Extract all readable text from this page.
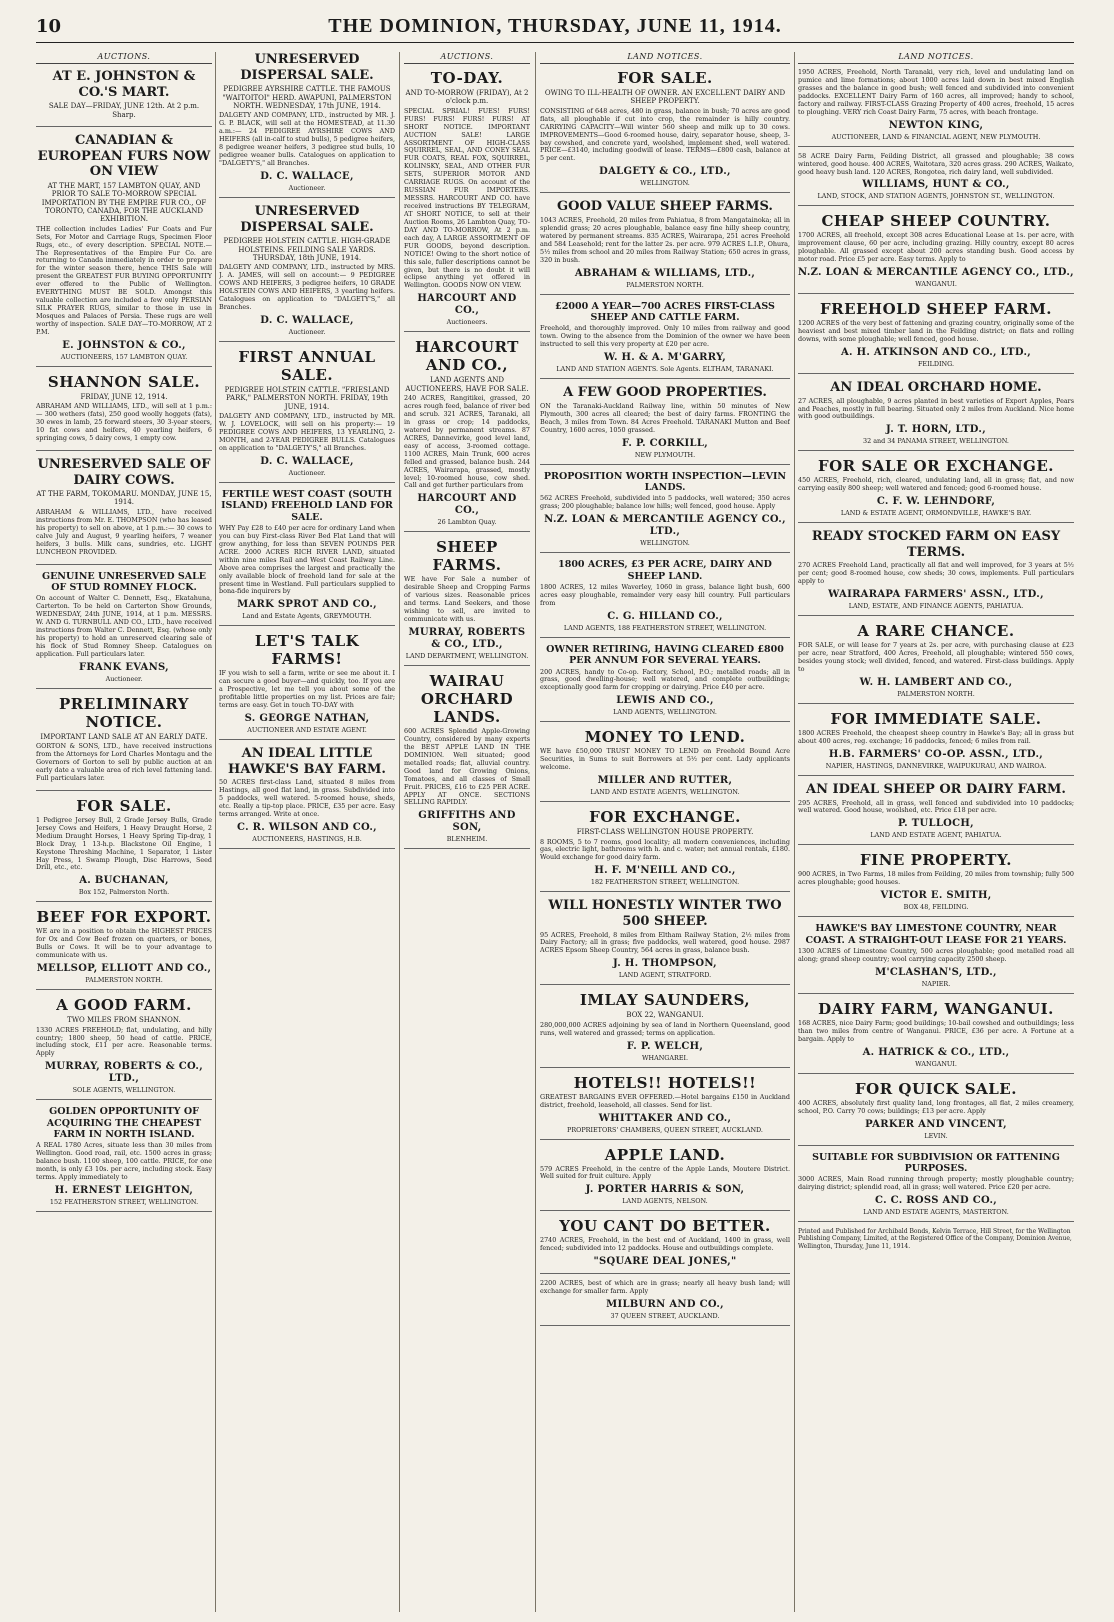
10	THE DOMINION, THURSDAY, JUNE 11, 1914.
AUCTIONS.
AT E. JOHNSTON & CO.'S MART.
SALE DAY—FRIDAY, JUNE 12th. At 2 p.m. Sharp.
CANADIAN & EUROPEAN FURS NOW ON VIEW
AT THE MART, 157 LAMBTON QUAY, AND PRIOR TO SALE TO-MORROW SPECIAL IMPORTATION BY THE EMPIRE FUR CO., OF TORONTO, CANADA, FOR THE AUCKLAND EXHIBITION.

THE collection includes Ladies' Fur Coats and Fur Sets, For Motor and Carriage Rugs, Specimen Floor Rugs, etc., of every description. SPECIAL NOTE.—The Representatives of the Empire Fur Co. are returning to Canada immediately in order to prepare for the winter season there, hence THIS Sale will present the GREATEST FUR BUYING OPPORTUNITY ever offered to the Public of Wellington. EVERYTHING MUST BE SOLD. Amongst this valuable collection are included a few only PERSIAN SILK PRAYER RUGS, similar to those in use in Mosques and Palaces of Persia. These rugs are well worthy of inspection. SALE DAY—TO-MORROW, AT 2 P.M.

E. JOHNSTON & CO.,
AUCTIONEERS, 157 LAMBTON QUAY.
SHANNON SALE.
FRIDAY, JUNE 12, 1914.

ABRAHAM AND WILLIAMS, LTD., will sell at 1 p.m.:— 300 wethers (fats), 250 good woolly hoggets (fats), 30 ewes in lamb, 25 forward steers, 30 3-year steers, 10 fat cows and heifers, 40 yearling heifers, 6 springing cows, 5 dairy cows, 1 empty cow.

UNRESERVED SALE OF DAIRY COWS.
AT THE FARM, TOKOMARU. MONDAY, JUNE 15, 1914.

ABRAHAM & WILLIAMS, LTD., have received instructions from Mr. E. THOMPSON (who has leased his property) to sell on above, at 1 p.m.:— 30 cows to calve July and August, 9 yearling heifers, 7 weaner heifers, 3 bulls. Milk cans, sundries, etc. LIGHT LUNCHEON PROVIDED.

GENUINE UNRESERVED SALE OF STUD ROMNEY FLOCK.

On account of Walter C. Dennett, Esq., Ekatahuna, Carterton. To be held on Carterton Show Grounds, WEDNESDAY, 24th JUNE, 1914, at 1 p.m. MESSRS. W. AND G. TURNBULL AND CO., LTD., have received instructions from Walter C. Dennett, Esq. (whose only his property) to hold an unreserved clearing sale of his flock of Stud Romney Sheep. Catalogues on application. Full particulars later.

FRANK EVANS,
Auctioneer.
PRELIMINARY NOTICE.
IMPORTANT LAND SALE AT AN EARLY DATE.

GORTON & SONS, LTD., have received instructions from the Attorneys for Lord Charles Montagu and the Governors of Gorton to sell by public auction at an early date a valuable area of rich level fattening land. Full particulars later.

FOR SALE.

1 Pedigree Jersey Bull, 2 Grade Jersey Bulls, Grade Jersey Cows and Heifers, 1 Heavy Draught Horse, 2 Medium Draught Horses, 1 Heavy Spring Tip-dray, 1 Block Dray, 1 13-h.p. Blackstone Oil Engine, 1 Keystone Threshing Machine, 1 Separator, 1 Lister Hay Press, 1 Swamp Plough, Disc Harrows, Seed Drill, etc., etc.

A. BUCHANAN,
Box 152, Palmerston North.
BEEF FOR EXPORT.

WE are in a position to obtain the HIGHEST PRICES for Ox and Cow Beef frozen on quarters, or bones, Bulls or Cows. It will be to your advantage to communicate with us.

MELLSOP, ELLIOTT AND CO.,
PALMERSTON NORTH.
A GOOD FARM.
TWO MILES FROM SHANNON.

1330 ACRES FREEHOLD; flat, undulating, and hilly country; 1800 sheep, 50 head of cattle. PRICE, including stock, £11 per acre. Reasonable terms. Apply

MURRAY, ROBERTS & CO., LTD.,
SOLE AGENTS, WELLINGTON.
GOLDEN OPPORTUNITY OF ACQUIRING THE CHEAPEST FARM IN NORTH ISLAND.

A REAL 1780 Acres, situate less than 30 miles from Wellington. Good road, rail, etc. 1500 acres in grass; balance bush. 1100 sheep, 100 cattle. PRICE, for one month, is only £3 10s. per acre, including stock. Easy terms. Apply immediately to

H. ERNEST LEIGHTON,
152 FEATHERSTON STREET, WELLINGTON.
UNRESERVED DISPERSAL SALE.
PEDIGREE AYRSHIRE CATTLE. THE FAMOUS "WAITOITOI" HERD. AWAPUNI, PALMERSTON NORTH. WEDNESDAY, 17th JUNE, 1914.

DALGETY AND COMPANY, LTD., instructed by MR. J. G. P. BLACK, will sell at the HOMESTEAD, at 11.30 a.m.:— 24 PEDIGREE AYRSHIRE COWS AND HEIFERS (all in-calf to stud bulls), 5 pedigree heifers, 8 pedigree weaner heifers, 3 pedigree stud bulls, 10 pedigree weaner bulls. Catalogues on application to "DALGETY'S," all Branches.

D. C. WALLACE,
Auctioneer.
UNRESERVED DISPERSAL SALE.
PEDIGREE HOLSTEIN CATTLE. HIGH-GRADE HOLSTEINS. FEILDING SALE YARDS. THURSDAY, 18th JUNE, 1914.

DALGETY AND COMPANY, LTD., instructed by MRS. J. A. JAMES, will sell on account:— 9 PEDIGREE COWS AND HEIFERS, 3 pedigree heifers, 10 GRADE HOLSTEIN COWS AND HEIFERS, 3 yearling heifers. Catalogues on application to "DALGETY'S," all Branches.

D. C. WALLACE,
Auctioneer.
FIRST ANNUAL SALE.
PEDIGREE HOLSTEIN CATTLE. "FRIESLAND PARK," PALMERSTON NORTH. FRIDAY, 19th JUNE, 1914.

DALGETY AND COMPANY, LTD., instructed by MR. W. J. LOVELOCK, will sell on his property:— 19 PEDIGREE COWS AND HEIFERS, 13 YEARLING, 2-MONTH, and 2-YEAR PEDIGREE BULLS. Catalogues on application to "DALGETY'S," all Branches.

D. C. WALLACE,
Auctioneer.
FERTILE WEST COAST (SOUTH ISLAND) FREEHOLD LAND FOR SALE.

WHY Pay £28 to £40 per acre for ordinary Land when you can buy First-class River Bed Flat Land that will grow anything, for less than SEVEN POUNDS PER ACRE. 2000 ACRES RICH RIVER LAND, situated within nine miles Rail and West Coast Railway Line. Above area comprises the largest and practically the only available block of freehold land for sale at the present time in Westland. Full particulars supplied to bona-fide inquirers by

MARK SPROT AND CO.,
Land and Estate Agents, GREYMOUTH.
LET'S TALK FARMS!

IF you wish to sell a farm, write or see me about it. I can secure a good buyer—and quickly, too. If you are a Prospective, let me tell you about some of the profitable little properties on my list. Prices are fair; terms are easy. Get in touch TO-DAY with

S. GEORGE NATHAN,
AUCTIONEER AND ESTATE AGENT.
AN IDEAL LITTLE HAWKE'S BAY FARM.

50 ACRES first-class Land, situated 8 miles from Hastings, all good flat land, in grass. Subdivided into 5 paddocks, well watered. 5-roomed house, sheds, etc. Really a tip-top place. PRICE, £35 per acre. Easy terms arranged. Write at once.

C. R. WILSON AND CO.,
AUCTIONEERS, HASTINGS, H.B.
AUCTIONS.
TO-DAY.
AND TO-MORROW (FRIDAY), At 2 o'clock p.m.

SPECIAL SPRIAL! FUES! FURS! FURS! FURS! FURS! FURS! AT SHORT NOTICE. IMPORTANT AUCTION SALE! LARGE ASSORTMENT OF HIGH-CLASS SQUIRREL, SEAL, AND CONEY SEAL FUR COATS, REAL FOX, SQUIRREL, KOLINSKY, SEAL, AND OTHER FUR SETS, SUPERIOR MOTOR AND CARRIAGE RUGS. On account of the RUSSIAN FUR IMPORTERS. MESSRS. HARCOURT AND CO. have received instructions BY TELEGRAM, AT SHORT NOTICE, to sell at their Auction Rooms, 26 Lambton Quay, TO-DAY AND TO-MORROW, At 2 p.m. each day, A LARGE ASSORTMENT OF FUR GOODS, beyond description. NOTICE! Owing to the short notice of this sale, fuller descriptions cannot be given, but there is no doubt it will eclipse anything yet offered in Wellington. GOODS NOW ON VIEW.

HARCOURT AND CO.,
Auctioneers.
HARCOURT AND CO.,
LAND AGENTS AND AUCTIONEERS, HAVE FOR SALE.

240 ACRES, Rangitikei, grassed, 20 acres rough feed, balance of river bed and scrub. 321 ACRES, Taranaki, all in grass or crop; 14 paddocks, watered by permanent streams. 87 ACRES, Dannevirke, good level land, easy of access, 3-roomed cottage. 1100 ACRES, Main Trunk, 600 acres felled and grassed, balance bush. 244 ACRES, Wairarapa, grassed, mostly level; 10-roomed house, cow shed. Call and get further particulars from

HARCOURT AND CO.,
26 Lambton Quay.
SHEEP FARMS.

WE have For Sale a number of desirable Sheep and Cropping Farms of various sizes. Reasonable prices and terms. Land Seekers, and those wishing to sell, are invited to communicate with us.

MURRAY, ROBERTS & CO., LTD.,
LAND DEPARTMENT, WELLINGTON.
WAIRAU ORCHARD LANDS.

600 ACRES Splendid Apple-Growing Country, considered by many experts the BEST APPLE LAND IN THE DOMINION. Well situated; good metalled roads; flat, alluvial country. Good land for Growing Onions, Tomatoes, and all classes of Small Fruit. PRICES, £16 to £25 PER ACRE. APPLY AT ONCE. SECTIONS SELLING RAPIDLY.

GRIFFITHS AND SON,
BLENHEIM.
LAND NOTICES.
FOR SALE.
OWING TO ILL-HEALTH OF OWNER. AN EXCELLENT DAIRY AND SHEEP PROPERTY.

CONSISTING of 648 acres, 480 in grass, balance in bush; 70 acres are good flats, all ploughable if cut into crop, the remainder is hilly country. CARRYING CAPACITY—Will winter 560 sheep and milk up to 30 cows. IMPROVEMENTS—Good 6-roomed house, dairy, separator house, sheep, 3-bay cowshed, and concrete yard, woolshed, implement shed, well watered. PRICE—£3140, including goodwill of lease. TERMS—£800 cash, balance at 5 per cent.

DALGETY & CO., LTD.,
WELLINGTON.
GOOD VALUE SHEEP FARMS.

1043 ACRES, Freehold, 20 miles from Pahiatua, 8 from Mangatainoka; all in splendid grass; 20 acres ploughable, balance easy fine hilly sheep country, watered by permanent streams. 835 ACRES, Wairarapa, 251 acres Freehold and 584 Leasehold; rent for the latter 2s. per acre. 979 ACRES L.I.P., Ohura, 5½ miles from school and 20 miles from Railway Station; 650 acres in grass, 320 in bush.

ABRAHAM & WILLIAMS, LTD.,
PALMERSTON NORTH.
£2000 A YEAR—700 ACRES FIRST-CLASS SHEEP AND CATTLE FARM.

Freehold, and thoroughly improved. Only 10 miles from railway and good town. Owing to the absence from the Dominion of the owner we have been instructed to sell this very property at £20 per acre.

W. H. & A. M'GARRY,
LAND AND STATION AGENTS. Sole Agents. ELTHAM, TARANAKI.
A FEW GOOD PROPERTIES.

ON the Taranaki-Auckland Railway line, within 50 minutes of New Plymouth, 300 acres all cleared; the best of dairy farms. FRONTING the Beach, 3 miles from Town. 84 Acres Freehold. TARANAKI Mutton and Beef Country, 1600 acres, 1050 grassed.

F. P. CORKILL,
NEW PLYMOUTH.
PROPOSITION WORTH INSPECTION—LEVIN LANDS.

562 ACRES Freehold, subdivided into 5 paddocks, well watered; 350 acres grass; 200 ploughable; balance low hills; well fenced, good house. Apply

N.Z. LOAN & MERCANTILE AGENCY CO., LTD.,
WELLINGTON.
1800 ACRES, £3 PER ACRE, DAIRY AND SHEEP LAND.

1800 ACRES, 12 miles Waverley, 1060 in grass, balance light bush, 600 acres easy ploughable, remainder very easy hill country. Full particulars from

C. G. HILLAND CO.,
LAND AGENTS, 188 FEATHERSTON STREET, WELLINGTON.
OWNER RETIRING, HAVING CLEARED £800 PER ANNUM FOR SEVERAL YEARS.

200 ACRES, handy to Co-op. Factory, School, P.O.; metalled roads; all in grass, good dwelling-house; well watered, and complete outbuildings; exceptionally good farm for cropping or dairying. Price £40 per acre.

LEWIS AND CO.,
LAND AGENTS, WELLINGTON.
MONEY TO LEND.

WE have £50,000 TRUST MONEY TO LEND on Freehold Bound Acre Securities, in Sums to suit Borrowers at 5½ per cent. Lady applicants welcome.

MILLER AND RUTTER,
LAND AND ESTATE AGENTS, WELLINGTON.
FOR EXCHANGE.
FIRST-CLASS WELLINGTON HOUSE PROPERTY.

8 ROOMS, 5 to 7 rooms, good locality; all modern conveniences, including gas, electric light, bathrooms with h. and c. water; net annual rentals, £180. Would exchange for good dairy farm.

H. F. M'NEILL AND CO.,
182 FEATHERSTON STREET, WELLINGTON.
WILL HONESTLY WINTER TWO 500 SHEEP.

95 ACRES, Freehold, 8 miles from Eltham Railway Station, 2½ miles from Dairy Factory; all in grass; five paddocks, well watered, good house. 2987 ACRES Epsom Sheep Country, 564 acres in grass, balance bush.

J. H. THOMPSON,
LAND AGENT, STRATFORD.
IMLAY SAUNDERS,
BOX 22, WANGANUI.

280,000,000 ACRES adjoining by sea of land in Northern Queensland, good runs, well watered and grassed; terms on application.

F. P. WELCH,
WHANGAREI.
HOTELS!! HOTELS!!

GREATEST BARGAINS EVER OFFERED.—Hotel bargains £150 in Auckland district, freehold, leasehold, all classes. Send for list.

WHITTAKER AND CO.,
PROPRIETORS' CHAMBERS, QUEEN STREET, AUCKLAND.
APPLE LAND.

579 ACRES Freehold, in the centre of the Apple Lands, Moutere District. Well suited for fruit culture. Apply

J. PORTER HARRIS & SON,
LAND AGENTS, NELSON.
YOU CANT DO BETTER.

2740 ACRES, Freehold, in the best end of Auckland, 1400 in grass, well fenced; subdivided into 12 paddocks. House and outbuildings complete.

"SQUARE DEAL JONES,"

2200 ACRES, best of which are in grass; nearly all heavy bush land; will exchange for smaller farm. Apply

MILBURN AND CO.,
37 QUEEN STREET, AUCKLAND.
LAND NOTICES.

1950 ACRES, Freehold, North Taranaki, very rich, level and undulating land on pumice and lime formations; about 1000 acres laid down in best mixed English grasses and the balance in good bush; well fenced and subdivided into convenient paddocks. EXCELLENT Dairy Farm of 160 acres, all improved; handy to school, factory and railway. FIRST-CLASS Grazing Property of 400 acres, freehold, 15 acres to ploughing. VERY rich Coast Dairy Farm, 75 acres, with beach frontage.

NEWTON KING,
AUCTIONEER, LAND & FINANCIAL AGENT, NEW PLYMOUTH.

58 ACRE Dairy Farm, Feilding District, all grassed and ploughable; 38 cows wintered, good house. 400 ACRES, Waitotara, 320 acres grass. 290 ACRES, Waikato, good heavy bush land. 120 ACRES, Rongotea, rich dairy land, well subdivided.

WILLIAMS, HUNT & CO.,
LAND, STOCK, AND STATION AGENTS, JOHNSTON ST., WELLINGTON.
CHEAP SHEEP COUNTRY.

1700 ACRES, all freehold, except 308 acres Educational Lease at 1s. per acre, with improvement clause, 60 per acre, including grazing. Hilly country, except 80 acres ploughable. All grassed except about 200 acres standing bush. Good access by motor road. Price £5 per acre. Easy terms. Apply to

N.Z. LOAN & MERCANTILE AGENCY CO., LTD.,
WANGANUI.
FREEHOLD SHEEP FARM.

1200 ACRES of the very best of fattening and grazing country, originally some of the heaviest and best mixed timber land in the Feilding district; on flats and rolling downs, with some ploughable; well fenced, good house.

A. H. ATKINSON AND CO., LTD.,
FEILDING.
AN IDEAL ORCHARD HOME.

27 ACRES, all ploughable, 9 acres planted in best varieties of Export Apples, Pears and Peaches, mostly in full bearing. Situated only 2 miles from Auckland. Nice home with good outbuildings.

J. T. HORN, LTD.,
32 and 34 PANAMA STREET, WELLINGTON.
FOR SALE OR EXCHANGE.

450 ACRES, Freehold, rich, cleared, undulating land, all in grass; flat, and now carrying easily 800 sheep; well watered and fenced; good 6-roomed house.

C. F. W. LEHNDORF,
LAND & ESTATE AGENT, ORMONDVILLE, HAWKE'S BAY.
READY STOCKED FARM ON EASY TERMS.

270 ACRES Freehold Land, practically all flat and well improved, for 3 years at 5½ per cent; good 8-roomed house, cow sheds; 30 cows, implements. Full particulars apply to

WAIRARAPA FARMERS' ASSN., LTD.,
LAND, ESTATE, AND FINANCE AGENTS, PAHIATUA.
A RARE CHANCE.

FOR SALE, or will lease for 7 years at 2s. per acre, with purchasing clause at £23 per acre, near Stratford, 400 Acres, Freehold, all ploughable; wintered 550 cows, besides young stock; well divided, fenced, and watered. First-class buildings. Apply to

W. H. LAMBERT AND CO.,
PALMERSTON NORTH.
FOR IMMEDIATE SALE.

1800 ACRES Freehold, the cheapest sheep country in Hawke's Bay; all in grass but about 400 acres, reg. exchange; 16 paddocks, fenced; 6 miles from rail.

H.B. FARMERS' CO-OP. ASSN., LTD.,
NAPIER, HASTINGS, DANNEVIRKE, WAIPUKURAU, AND WAIROA.
AN IDEAL SHEEP OR DAIRY FARM.

295 ACRES, Freehold, all in grass, well fenced and subdivided into 10 paddocks; well watered. Good house, woolshed, etc. Price £18 per acre.

P. TULLOCH,
LAND AND ESTATE AGENT, PAHIATUA.
FINE PROPERTY.

900 ACRES, in Two Farms, 18 miles from Feilding, 20 miles from township; fully 500 acres ploughable; good houses.

VICTOR E. SMITH,
BOX 48, FEILDING.
HAWKE'S BAY LIMESTONE COUNTRY, NEAR COAST. A STRAIGHT-OUT LEASE FOR 21 YEARS.

1300 ACRES of Limestone Country, 500 acres ploughable; good metalled road all along; grand sheep country; wool carrying capacity 2500 sheep.

M'CLASHAN'S, LTD.,
NAPIER.
DAIRY FARM, WANGANUI.

168 ACRES, nice Dairy Farm; good buildings; 10-bail cowshed and outbuildings; less than two miles from centre of Wanganui. PRICE, £36 per acre. A Fortune at a bargain. Apply to

A. HATRICK & CO., LTD.,
WANGANUI.
FOR QUICK SALE.

400 ACRES, absolutely first quality land, long frontages, all flat, 2 miles creamery, school, P.O. Carry 70 cows; buildings; £13 per acre. Apply

PARKER AND VINCENT,
LEVIN.
SUITABLE FOR SUBDIVISION OR FATTENING PURPOSES.

3000 ACRES, Main Road running through property; mostly ploughable country; dairying district; splendid road, all in grass; well watered. Price £20 per acre.

C. C. ROSS AND CO.,
LAND AND ESTATE AGENTS, MASTERTON.
Printed and Published for Archibald Bonds, Kelvin Terrace, Hill Street, for the Wellington Publishing Company, Limited, at the Registered Office of the Company, Dominion Avenue, Wellington, Thursday, June 11, 1914.
